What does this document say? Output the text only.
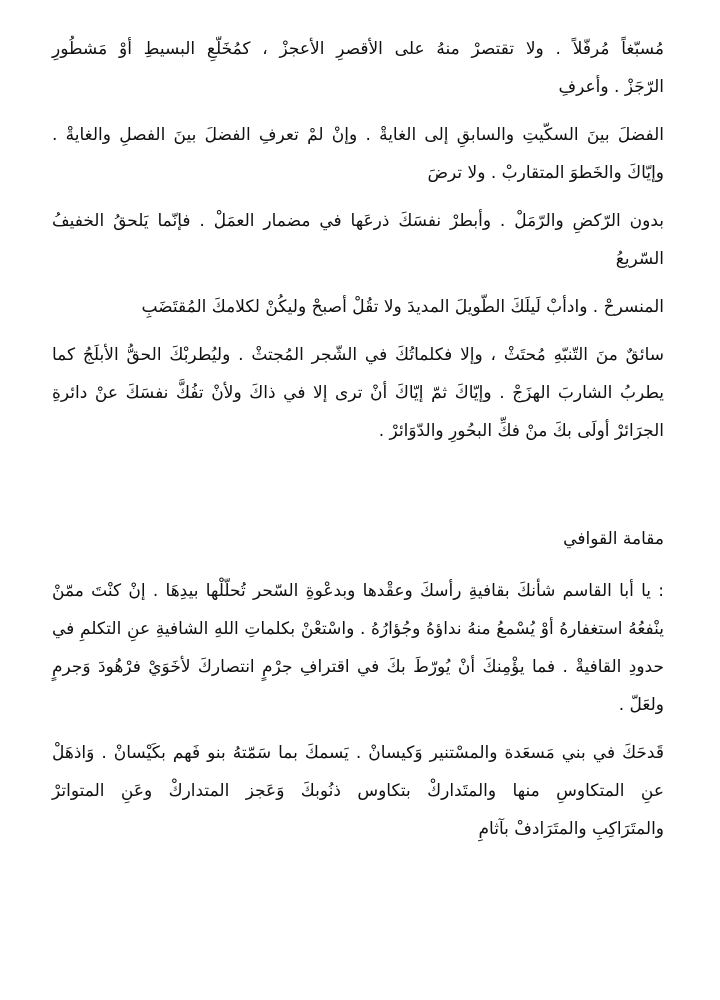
مُسبّغاً مُرفّلاً . ولا تقتصرْ منهُ على الأقصرِ الأعجزْ ، كمُخَلّعِ البسيطِ أوْ مَشطُورِ
الرّجَزْ . وأعرفِ
الفضلَ بينَ السكّيتِ والسابقِ إلى الغايةْ . وإنْ لمْ تعرفِ الفضلَ بينَ الفصلِ والغايةْ .
وإيّاكَ والخَطوَ المتقاربْ . ولا ترضَ
بدون الرّكضِ والرّمَلْ . وأبطرْ نفسَكَ ذرعَها في مضمار العمَلْ . فإنّما يَلحقُ الخفيفُ
السّريعُ
المنسرحْ . وادأبْ لَيلَكَ الطّويلَ المديدَ ولا تقُلْ أصبحْ وليكُنْ لكلامكَ المُقتَضَبِ
سائقٌ منَ التّنبّهِ مُحتَثْ ، وإلا فكلماتُكَ في الشّجر المُجتثْ . وليُطربْكَ الحقُّ الأبلَجُ كما
يطربُ الشاربَ الهزَجْ . وإيّاكَ ثمّ إيّاكَ أنْ ترى إلا في ذاكَ ولأنْ تفُكَّ نفسَكَ عنْ دائرةِ
الجرَائرْ أولَى بكَ منْ فكِّ البحُورِ والدّوَائرْ .
مقامة القوافي
: يا أبا القاسم شأنكَ بقافيةِ رأسكَ وعقْدها وبدعْوةِ السّحر تُحلّلْها بيدِهَا . إنْ كنْتَ ممّنْ
ينْفعُهُ استغفارهُ أوْ يُسْمعُ منهُ نداؤهُ وجُؤارُهُ . واسْتعْنْ بكلماتِ اللهِ الشافيةِ عنِ التكلمِ في
حدودِ القافيةْ . فما يؤْمِنكَ أنْ يُورّطَ بكَ في اقترافِ جرْمٍ انتصاركَ لأخَوَيْ فرْهُودَ وَجرمٍ
ولعَلّ .
قَدحَكَ في بني مَسعَدة والمسْتنير وَكيسانْ . يَسمكَ بما سَمّتهُ بنو فَهم بكَيْسانْ . وَاذهَلْ
عنِ المتكاوسِ منها والمتَداركْ بتكاوس ذنُوبكَ وَعَجز المتداركْ وعَنِ المتواترْ
والمتَرَاكِبِ والمتَرَادفْ بآثامِ
